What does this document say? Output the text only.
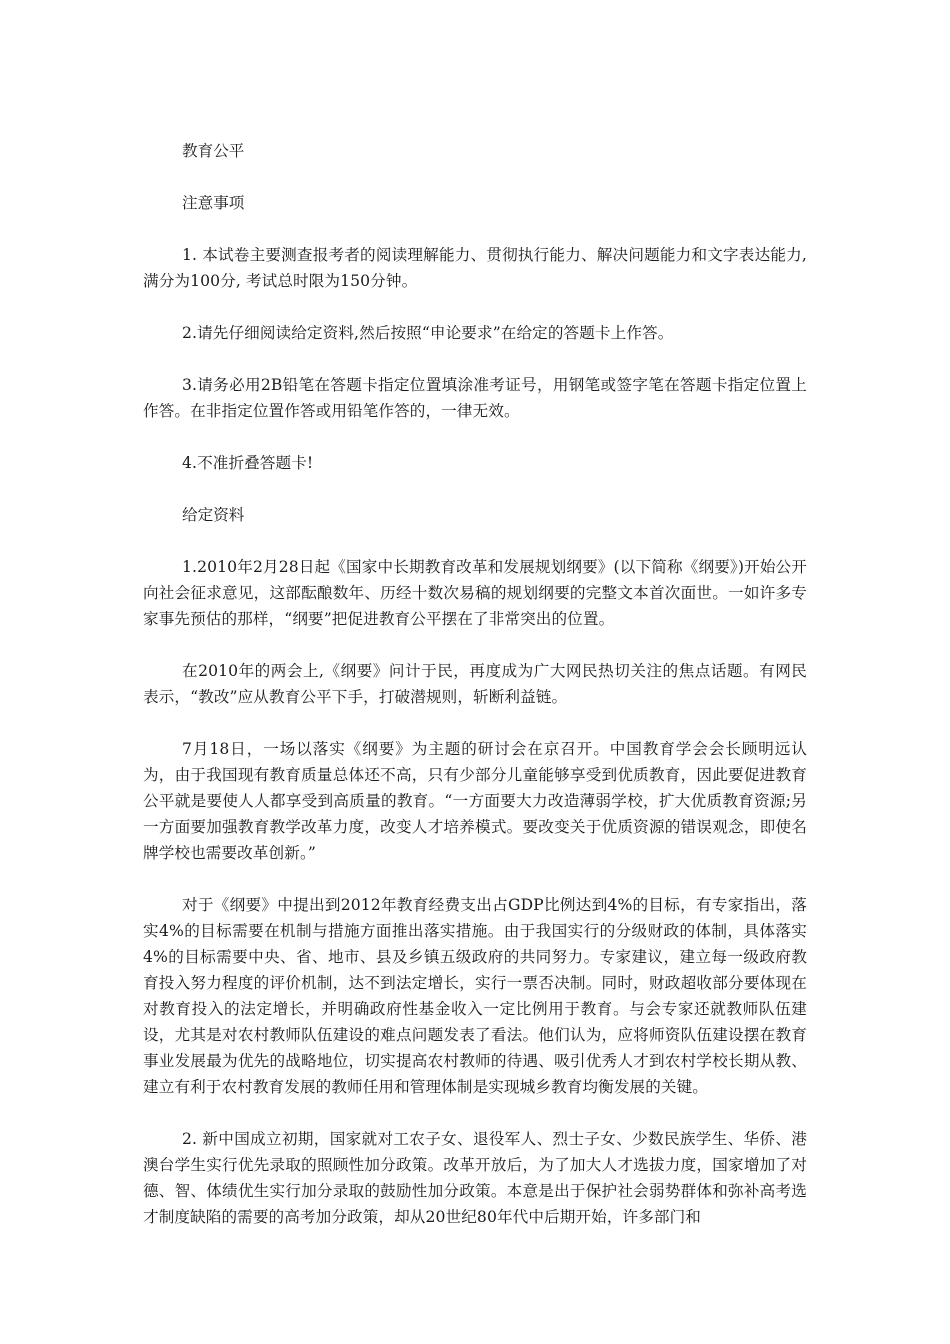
教育公平

注意事项

1. 本试卷主要测查报考者的阅读理解能力、贯彻执行能力、解决问题能力和文字表达能力,满分为100分, 考试总时限为150分钟。

2.请先仔细阅读给定资料,然后按照“申论要求”在给定的答题卡上作答。

3.请务必用2B铅笔在答题卡指定位置填涂准考证号，用钢笔或签字笔在答题卡指定位置上作答。在非指定位置作答或用铅笔作答的，一律无效。

4.不准折叠答题卡!

给定资料

1.2010年2月28日起《国家中长期教育改革和发展规划纲要》(以下简称《纲要》)开始公开向社会征求意见，这部酝酿数年、历经十数次易稿的规划纲要的完整文本首次面世。一如许多专家事先预估的那样，“纲要”把促进教育公平摆在了非常突出的位置。

在2010年的两会上,《纲要》问计于民，再度成为广大网民热切关注的焦点话题。有网民表示，“教改”应从教育公平下手，打破潜规则，斩断利益链。

7月18日，一场以落实《纲要》为主题的研讨会在京召开。中国教育学会会长顾明远认为，由于我国现有教育质量总体还不高，只有少部分儿童能够享受到优质教育，因此要促进教育公平就是要使人人都享受到高质量的教育。“一方面要大力改造薄弱学校，扩大优质教育资源;另一方面要加强教育教学改革力度，改变人才培养模式。要改变关于优质资源的错误观念，即使名牌学校也需要改革创新。”

对于《纲要》中提出到2012年教育经费支出占GDP比例达到4%的目标，有专家指出，落实4%的目标需要在机制与措施方面推出落实措施。由于我国实行的分级财政的体制，具体落实4%的目标需要中央、省、地市、县及乡镇五级政府的共同努力。专家建议，建立每一级政府教育投入努力程度的评价机制，达不到法定增长，实行一票否决制。同时，财政超收部分要体现在对教育投入的法定增长，并明确政府性基金收入一定比例用于教育。与会专家还就教师队伍建设，尤其是对农村教师队伍建设的难点问题发表了看法。他们认为，应将师资队伍建设摆在教育事业发展最为优先的战略地位，切实提高农村教师的待遇、吸引优秀人才到农村学校长期从教、建立有利于农村教育发展的教师任用和管理体制是实现城乡教育均衡发展的关键。

2. 新中国成立初期，国家就对工农子女、退役军人、烈士子女、少数民族学生、华侨、港澳台学生实行优先录取的照顾性加分政策。改革开放后，为了加大人才选拔力度，国家增加了对德、智、体绩优生实行加分录取的鼓励性加分政策。本意是出于保护社会弱势群体和弥补高考选才制度缺陷的需要的高考加分政策，却从20世纪80年代中后期开始，许多部门和
